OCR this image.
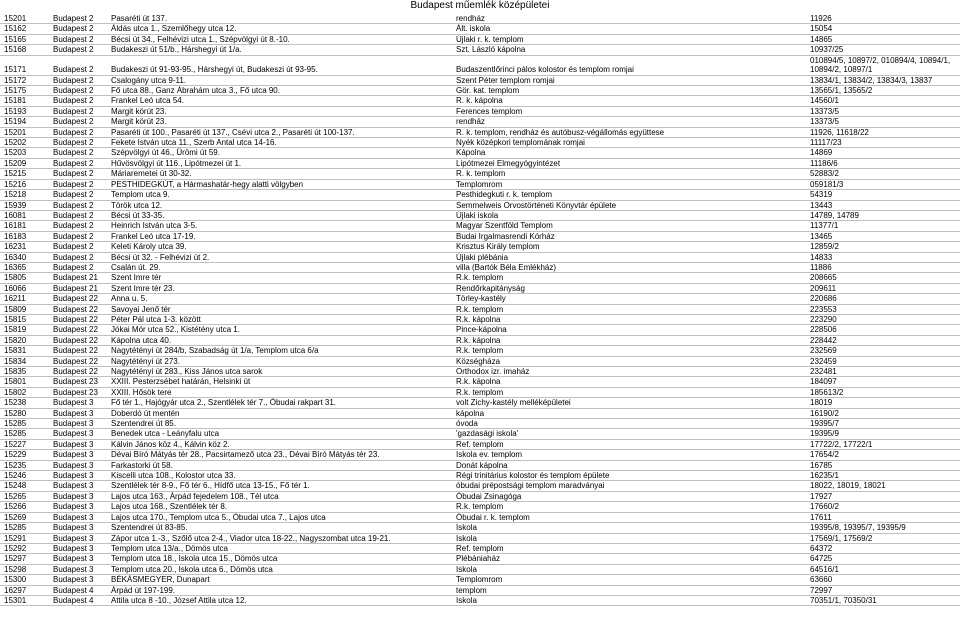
Budapest műemlék középületei
15201	Budapest 2	Pasaréti út 137.	rendház	11926
15162	Budapest 2	Áldás utca 1., Szemlőhegy utca 12.	Ált. iskola	15054
15165	Budapest 2	Bécsi út 34., Felhévizi utca 1., Szépvölgyi út 8.-10.	Újlaki r. k. templom	14865
15168	Budapest 2	Budakeszi út 51/b., Hárshegyi út 1/a.	Szt. László kápolna	10937/25
15171	Budapest 2	Budakeszi út 91-93-95., Hárshegyi út, Budakeszi út 93-95.	Budaszentlőrinci pálos kolostor és templom romjai	010894/5, 10897/2, 010894/4, 10894/1, 10894/2, 10897/1
15172	Budapest 2	Csalogány utca 9-11.	Szent Péter templom romjai	13834/1, 13834/2, 13834/3, 13837
15175	Budapest 2	Fő utca 88., Ganz Ábrahám utca 3., Fő utca 90.	Gör. kat. templom	13565/1, 13565/2
15181	Budapest 2	Frankel Leó utca 54.	R. k. kápolna	14560/1
15193	Budapest 2	Margit körút 23.	Ferences templom	13373/5
15194	Budapest 2	Margit körút 23.	rendház	13373/5
15201	Budapest 2	Pasaréti út 100., Pasaréti út 137., Csévi utca 2., Pasaréti út 100-137.	R. k. templom, rendház és autóbusz-végállomás együttese	11926, 11618/22
15202	Budapest 2	Fekete István utca 11., Szerb Antal utca 14-16.	Nyék középkori templomának romjai	11117/23
15203	Budapest 2	Szépvölgyi út 46., Ürömi út 59.	Kápolna	14869
15209	Budapest 2	Hűvösvölgyi út 116., Lipótmezei út 1.	Lipótmezei Elmegyógyintézet	11186/6
15215	Budapest 2	Máriaremetei út 30-32.	R. k. templom	52883/2
15216	Budapest 2	PESTHIDEGKÚT, a Hármashatár-hegy alatti völgyben	Templomrom	059181/3
15218	Budapest 2	Templom utca 9.	Pesthidegkuti r. k. templom	54319
15939	Budapest 2	Török utca 12.	Semmelweis Orvostörténeti Könyvtár épülete	13443
16081	Budapest 2	Bécsi út 33-35.	Újlaki iskola	14789, 14789
16181	Budapest 2	Heinrich István utca 3-5.	Magyar Szentföld Templom	11377/1
16183	Budapest 2	Frankel Leó utca 17-19.	Budai Irgalmasrendi Kórház	13465
16231	Budapest 2	Keleti Károly utca 39.	Krisztus Király templom	12859/2
16340	Budapest 2	Bécsi út 32. - Felhévizi út 2.	Újlaki plébánia	14833
16365	Budapest 2	Csalán út. 29.	villa (Bartók Béla Emlékház)	11886
15805	Budapest 21	Szent Imre tér	R.k. templom	208665
16066	Budapest 21	Szent Imre tér 23.	Rendőrkapitányság	209611
16211	Budapest 22	Anna u. 5.	Törley-kastély	220686
15809	Budapest 22	Savoyai Jenő tér	R.k. templom	223553
15815	Budapest 22	Péter Pál utca 1-3. között	R.k. kápolna	223290
15819	Budapest 22	Jókai Mór utca 52., Kistétény utca 1.	Pince-kápolna	228506
15820	Budapest 22	Kápolna utca 40.	R.k. kápolna	228442
15831	Budapest 22	Nagytétényi út 284/b, Szabadság út 1/a, Templom utca 6/a	R.k. templom	232569
15834	Budapest 22	Nagytétényi út 273.	Községháza	232459
15835	Budapest 22	Nagytétényi út 283., Kiss János utca sarok	Orthodox izr. imaház	232481
15801	Budapest 23	XXIII. Pesterzsébet határán, Helsinki út	R.k. kápolna	184097
15802	Budapest 23	XXIII. Hősök tere	R.k. templom	185613/2
15238	Budapest 3	Fő tér 1., Hajógyár utca 2., Szentlélek tér 7., Óbudai rakpart 31.	volt Zichy-kastély melléképületei	18019
15280	Budapest 3	Doberdó út mentén	kápolna	16190/2
15285	Budapest 3	Szentendrei út 85.	óvoda	19395/7
15285	Budapest 3	Benedek utca - Leányfalu utca	'gazdasági iskola'	19395/9
15227	Budapest 3	Kálvin János köz 4., Kálvin köz 2.	Ref. templom	17722/2, 17722/1
15229	Budapest 3	Dévai Bíró Mátyás tér 28., Pacsirtamező utca 23., Dévai Bíró Mátyás tér 23.	Iskola ev. templom	17654/2
15235	Budapest 3	Farkastorki út 58.	Donát kápolna	16785
15246	Budapest 3	Kiscelli utca 108., Kolostor utca 33.	Régi trinitárius kolostor és templom épülete	16235/1
15248	Budapest 3	Szentlélek tér 8-9., Fő tér 6., Hídfő utca 13-15., Fő tér 1.	óbudai prépostsági templom maradványai	18022, 18019, 18021
15265	Budapest 3	Lajos utca 163., Árpád fejedelem 108., Tél utca	Óbudai Zsinagóga	17927
15266	Budapest 3	Lajos utca 168., Szentlélek tér 8.	R.k. templom	17660/2
15269	Budapest 3	Lajos utca 170., Templom utca 5., Óbudai utca 7., Lajos utca	Óbudai r. k. templom	17611
15285	Budapest 3	Szentendrei út 83-85.	Iskola	19395/8, 19395/7, 19395/9
15291	Budapest 3	Zápor utca 1.-3., Szőlő utca 2-4., Viador utca 18-22., Nagyszombat utca 19-21.	Iskola	17569/1, 17569/2
15292	Budapest 3	Templom utca 13/a., Dömös utca	Ref. templom	64372
15297	Budapest 3	Templom utca 18., Iskola utca 15., Dömös utca	Plébániaház	64725
15298	Budapest 3	Templom utca 20., Iskola utca 6., Dömös utca	Iskola	64516/1
15300	Budapest 3	BÉKÁSMEGYER, Dunapart	Templomrom	63660
16297	Budapest 4	Árpád út 197-199.	templom	72997
15301	Budapest 4	Attila utca 8 -10., József Attila utca 12.	Iskola	70351/1, 70350/31
